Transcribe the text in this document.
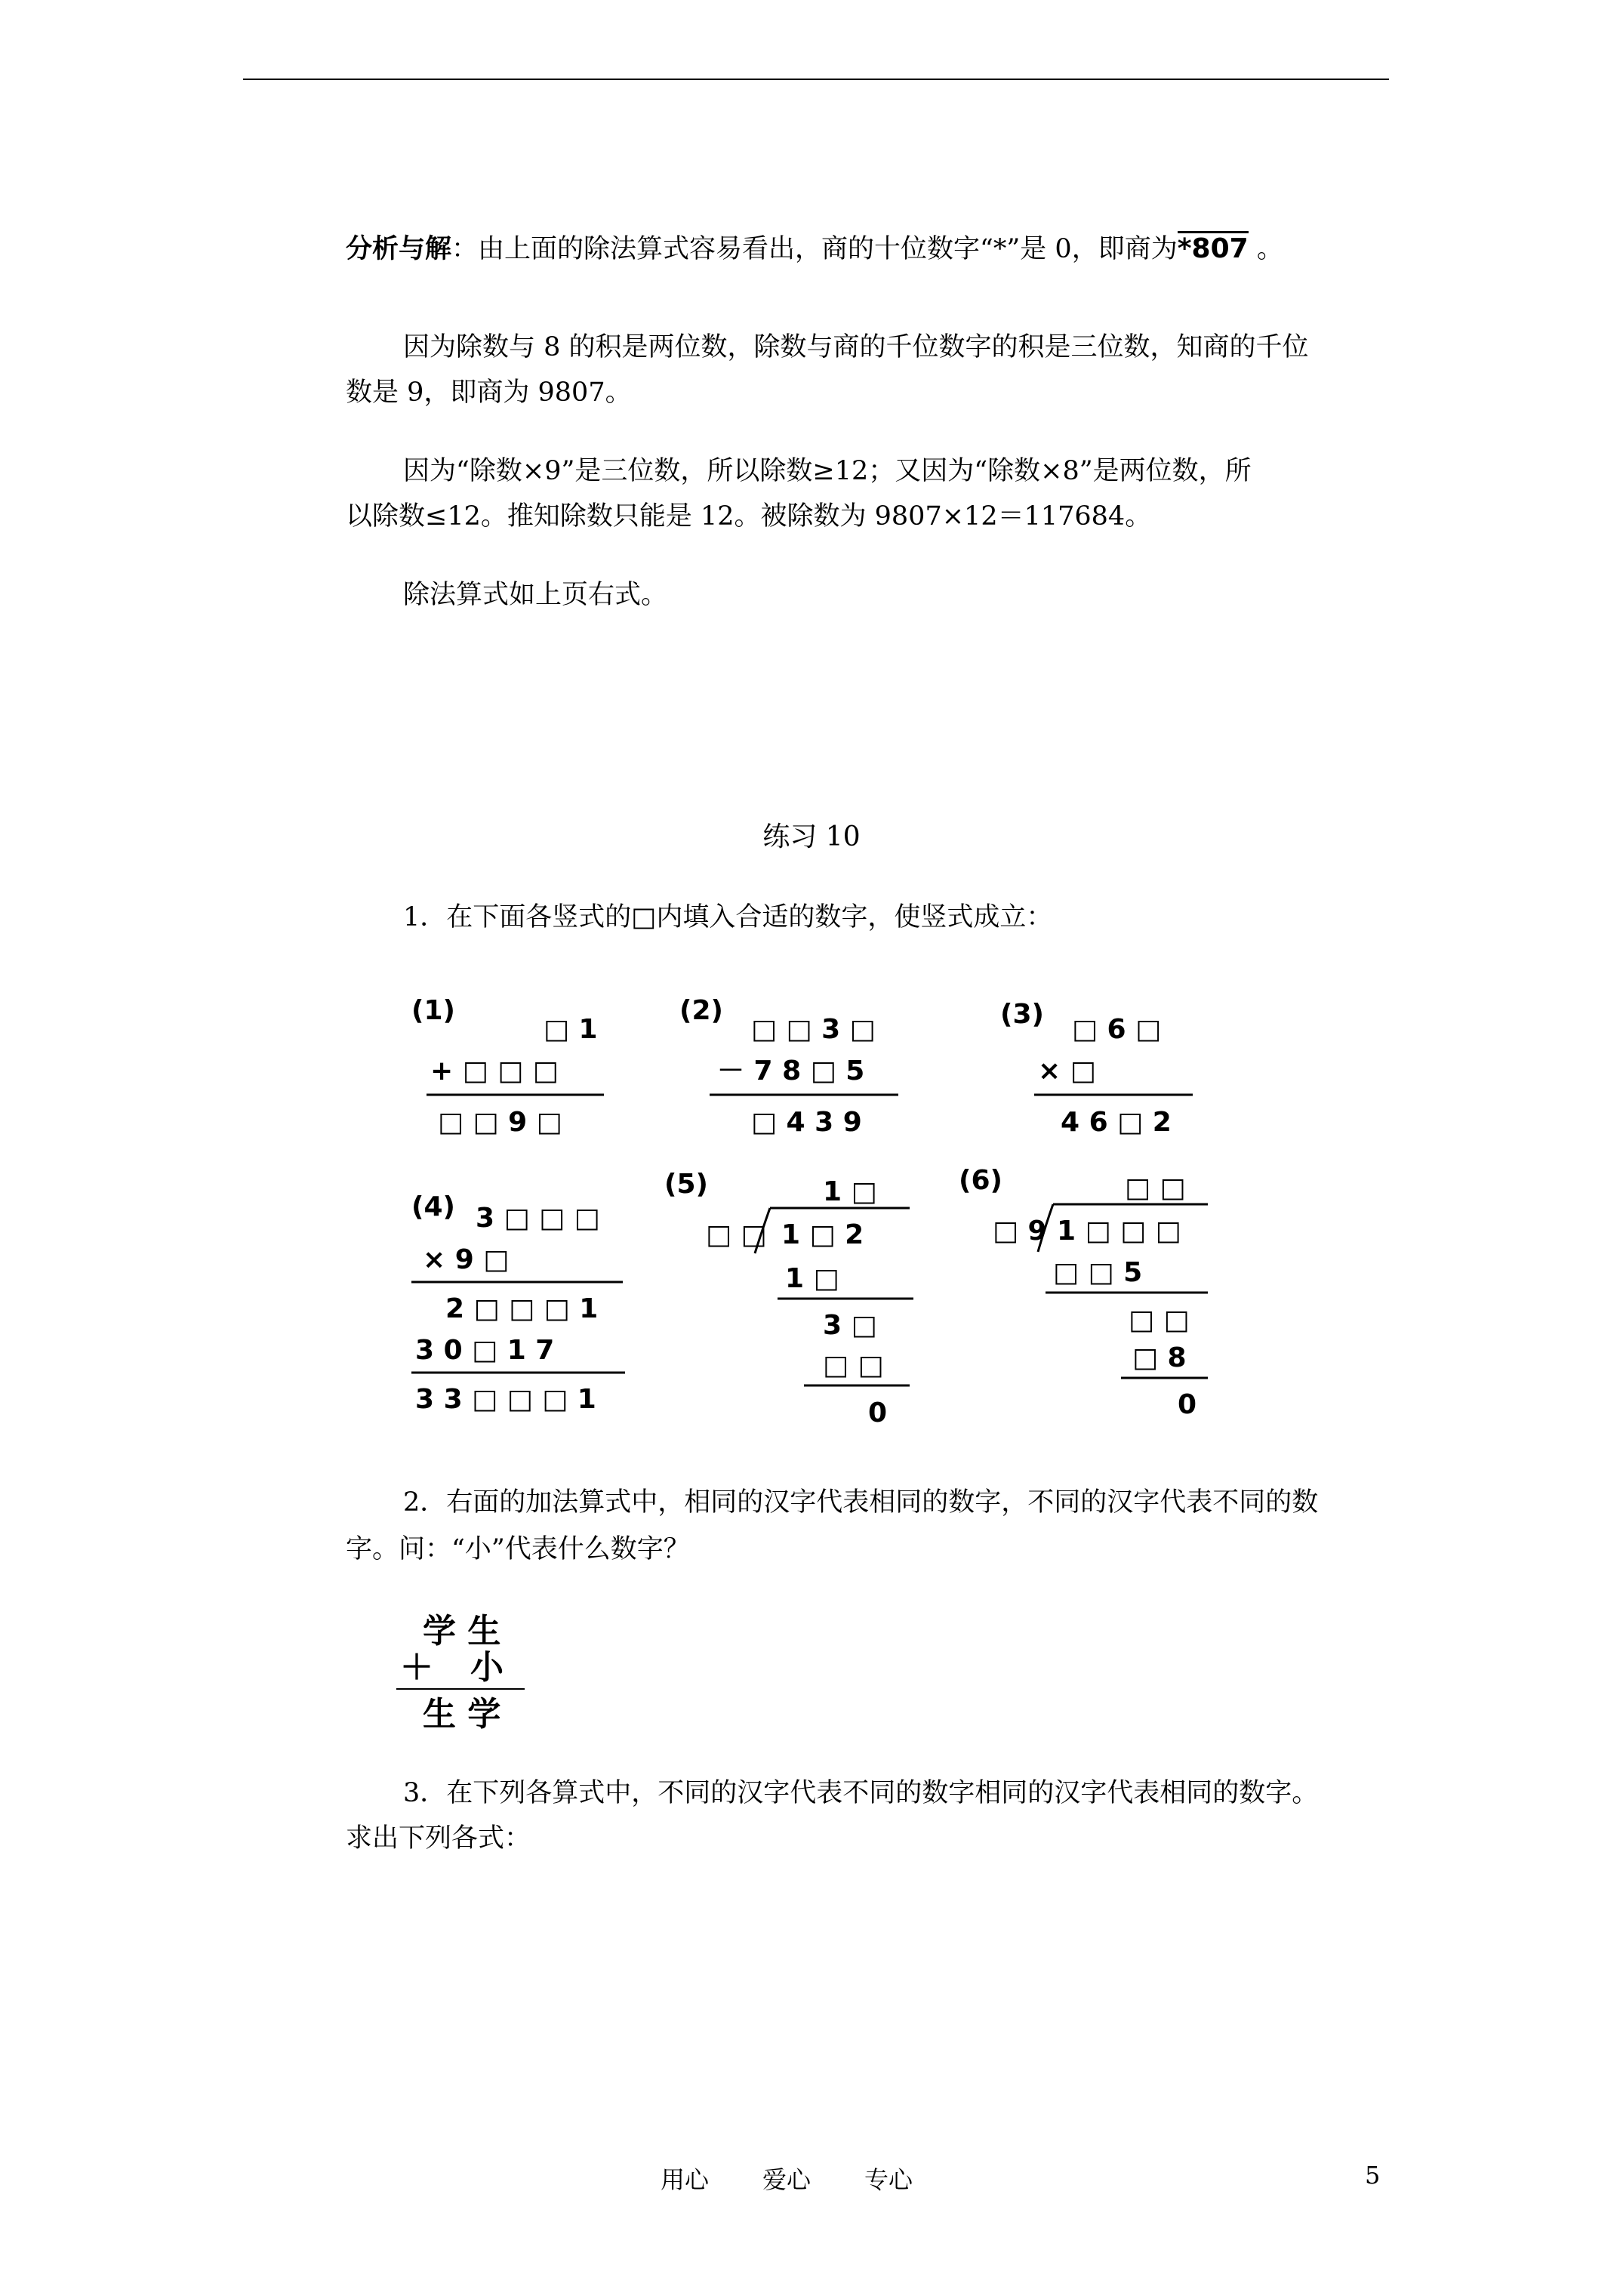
分析与解：由上面的除法算式容易看出，商的十位数字“*”是 0，即商为*807 。
因为除数与 8 的积是两位数，除数与商的千位数字的积是三位数，知商的千位
数是 9，即商为 9807。
因为“除数×9”是三位数，所以除数≥12；又因为“除数×8”是两位数，所
以除数≤12。推知除数只能是 12。被除数为 9807×12＝117684。
除法算式如上页右式。
练习 10
1．在下面各竖式的□内填入合适的数字，使竖式成立：
(1)
□ 1
+ □ □ □
□ □ 9 □
(2)
□ □ 3 □
－ 7 8 □ 5
□ 4 3 9
(3) □ 6 □
× □
4 6 □ 2
(4) 3 □ □ □
× 9 □
2 □ □ □ 1
3 0 □ 1 7
3 3 □ □ □ 1
(5)	1 □
□ □ 1 □ 2
1 □
3 □
□ □
0
(6)	□ □
□ 9 1 □ □ □
□ □ 5
□ □
□ 8
0
2．右面的加法算式中，相同的汉字代表相同的数字，不同的汉字代表不同的数
字。问：“小”代表什么数字？
学 生
＋ 小
生 学
3．在下列各算式中，不同的汉字代表不同的数字相同的汉字代表相同的数字。
求出下列各式：
用心 爱心 专心	5
